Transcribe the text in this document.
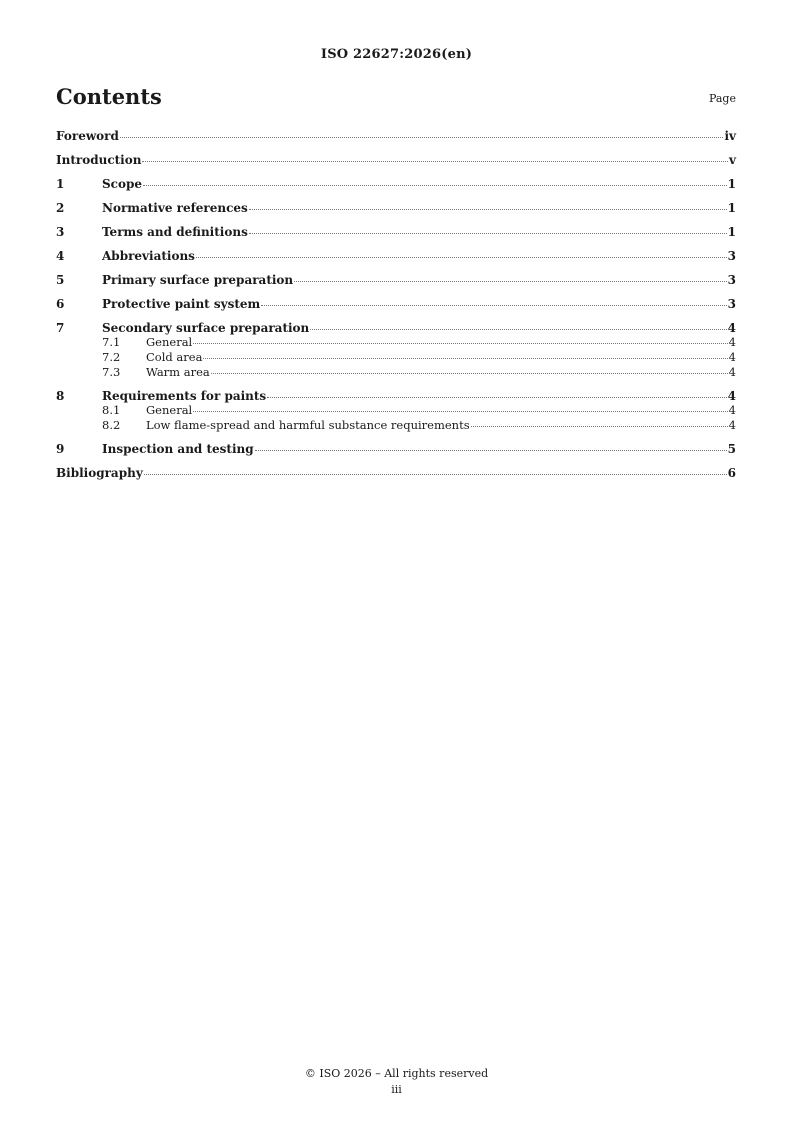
ISO 22627:2026(en)
Contents	Page
Foreword	iv
Introduction	v
1	Scope	1
2	Normative references	1
3	Terms and definitions	1
4	Abbreviations	3
5	Primary surface preparation	3
6	Protective paint system	3
7	Secondary surface preparation	4
7.1	General	4
7.2	Cold area	4
7.3	Warm area	4
8	Requirements for paints	4
8.1	General	4
8.2	Low flame-spread and harmful substance requirements	4
9	Inspection and testing	5
Bibliography	6
© ISO 2026 – All rights reserved
iii
